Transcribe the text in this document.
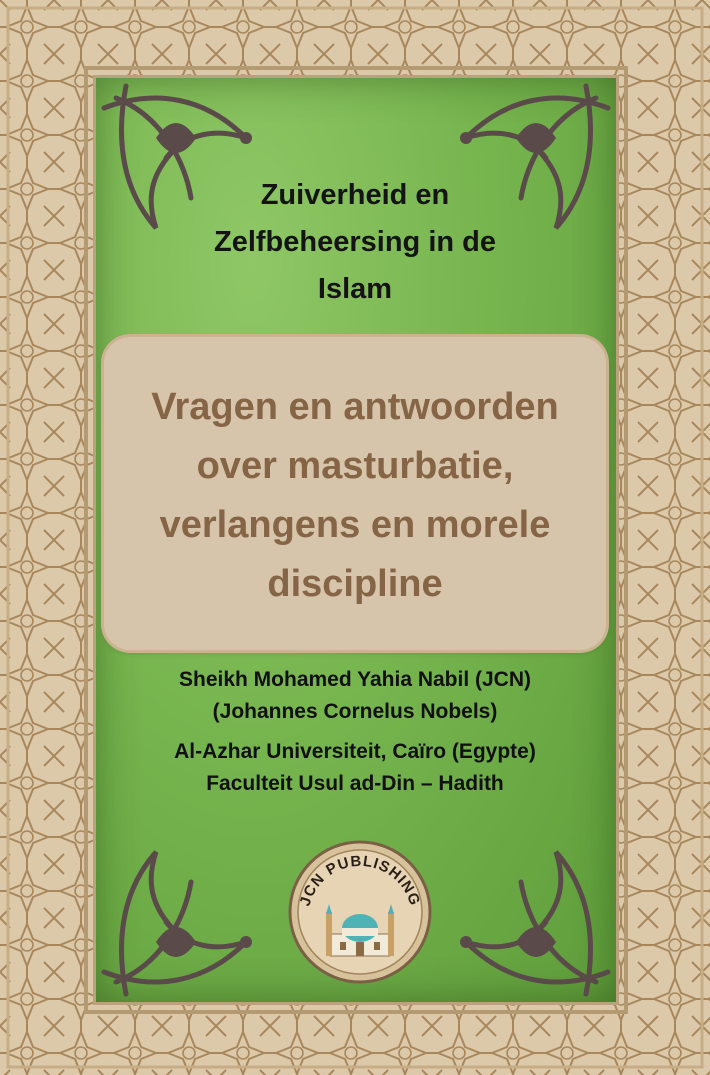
Zuiverheid en
Zelfbeheersing in de
Islam
Vragen en antwoorden
over masturbatie,
verlangens en morele
discipline
Sheikh Mohamed Yahia Nabil (JCN)
(Johannes Cornelus Nobels)
Al-Azhar Universiteit, Caïro (Egypte)
Faculteit Usul ad-Din – Hadith
JCN PUBLISHING
